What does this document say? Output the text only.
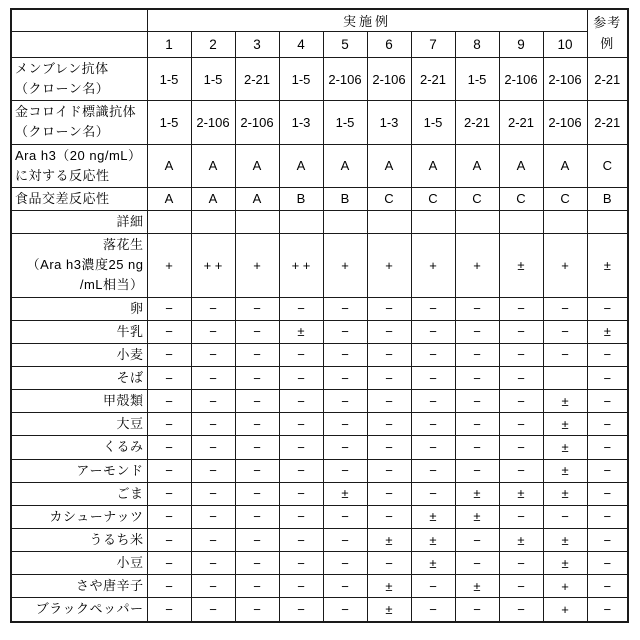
	実施例										参考例
	1	2	3	4	5	6	7	8	9	10	
メンブレン抗体
（クローン名）	1-5	1-5	2-21	1-5	2-106	2-106	2-21	1-5	2-106	2-106	2-21
金コロイド標識抗体
（クローン名）	1-5	2-106	2-106	1-3	1-5	1-3	1-5	2-21	2-21	2-106	2-21
Ara h3（20 ng/mL）
に対する反応性	A	A	A	A	A	A	A	A	A	A	C
食品交差反応性	A	A	A	B	B	C	C	C	C	C	B
詳細											
落花生
（Ara h3濃度25 ng
/mL相当）	+	+ +	+	+ +	+	+	+	+	±	+	±
卵	−	−	−	−	−	−	−	−	−	−	−
牛乳	−	−	−	±	−	−	−	−	−	−	±
小麦	−	−	−	−	−	−	−	−	−	−	−
そば	−	−	−	−	−	−	−	−	−		−
甲殻類	−	−	−	−	−	−	−	−	−	±	−
大豆	−	−	−	−	−	−	−	−	−	±	−
くるみ	−	−	−	−	−	−	−	−	−	±	−
アーモンド	−	−	−	−	−	−	−	−	−	±	−
ごま	−	−	−	−	±	−	−	±	±	±	−
カシューナッツ	−	−	−	−	−	−	±	±	−	−	−
うるち米	−	−	−	−	−	±	±	−	±	±	−
小豆	−	−	−	−	−	−	±	−	−	±	−
さや唐辛子	−	−	−	−	−	±	−	±	−	+	−
ブラックペッパー	−	−	−	−	−	±	−	−	−	+	−
